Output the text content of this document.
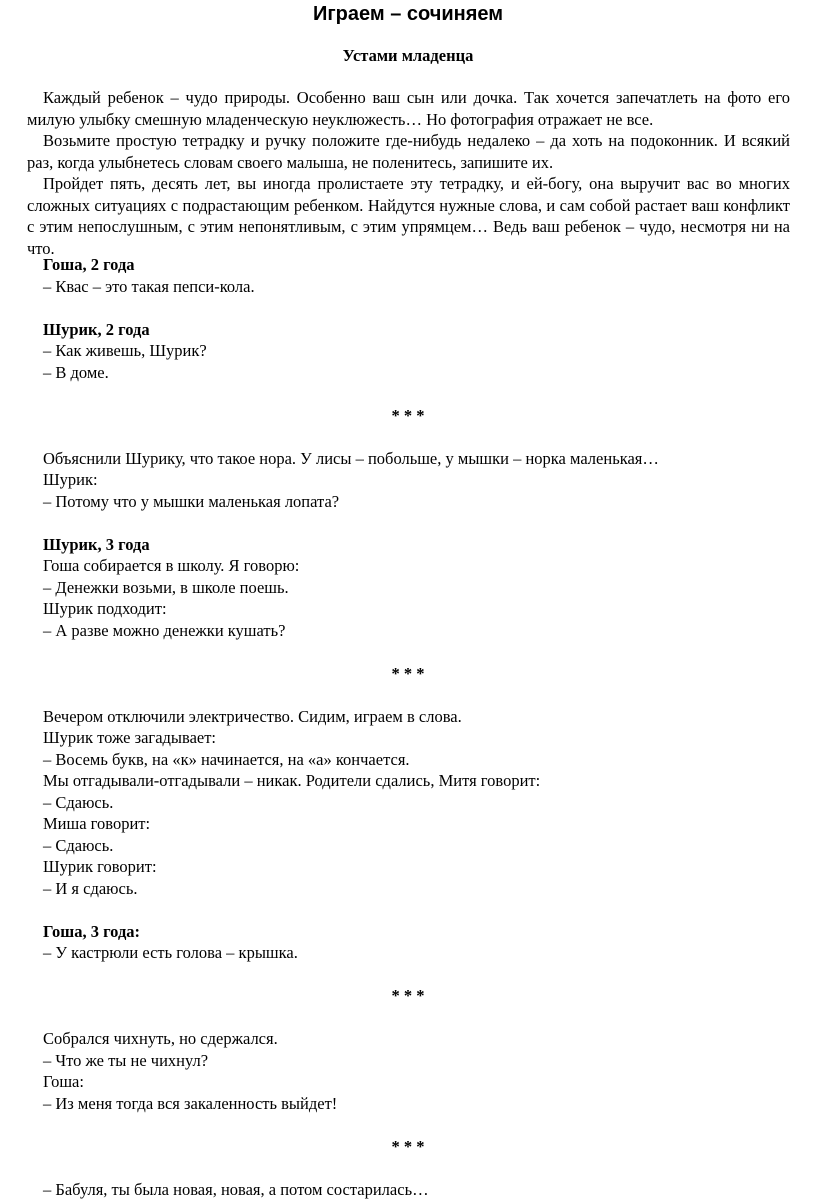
Играем – сочиняем
Устами младенца

Каждый ребенок – чудо природы. Особенно ваш сын или дочка. Так хочется запечатлеть на фото его милую улыбку смешную младенческую неуклюжесть… Но фотография отражает не все.

Возьмите простую тетрадку и ручку положите где-нибудь недалеко – да хоть на подоконник. И всякий раз, когда улыбнетесь словам своего малыша, не поленитесь, запишите их.

Пройдет пять, десять лет, вы иногда пролистаете эту тетрадку, и ей-богу, она выручит вас во многих сложных ситуациях с подрастающим ребенком. Найдутся нужные слова, и сам собой растает ваш конфликт с этим непослушным, с этим непонятливым, с этим упрямцем… Ведь ваш ребенок – чудо, несмотря ни на что.

Гоша, 2 года
– Квас – это такая пепси-кола.
Шурик, 2 года
– Как живешь, Шурик?
– В доме.
* * *
Объяснили Шурику, что такое нора. У лисы – побольше, у мышки – норка маленькая…
Шурик:
– Потому что у мышки маленькая лопата?
Шурик, 3 года
Гоша собирается в школу. Я говорю:
– Денежки возьми, в школе поешь.
Шурик подходит:
– А разве можно денежки кушать?
* * *
Вечером отключили электричество. Сидим, играем в слова.
Шурик тоже загадывает:
– Восемь букв, на «к» начинается, на «а» кончается.
Мы отгадывали-отгадывали – никак. Родители сдались, Митя говорит:
– Сдаюсь.
Миша говорит:
– Сдаюсь.
Шурик говорит:
– И я сдаюсь.
Гоша, 3 года:
– У кастрюли есть голова – крышка.
* * *
Собрался чихнуть, но сдержался.
– Что же ты не чихнул?
Гоша:
– Из меня тогда вся закаленность выйдет!
* * *
– Бабуля, ты была новая, новая, а потом состарилась…
